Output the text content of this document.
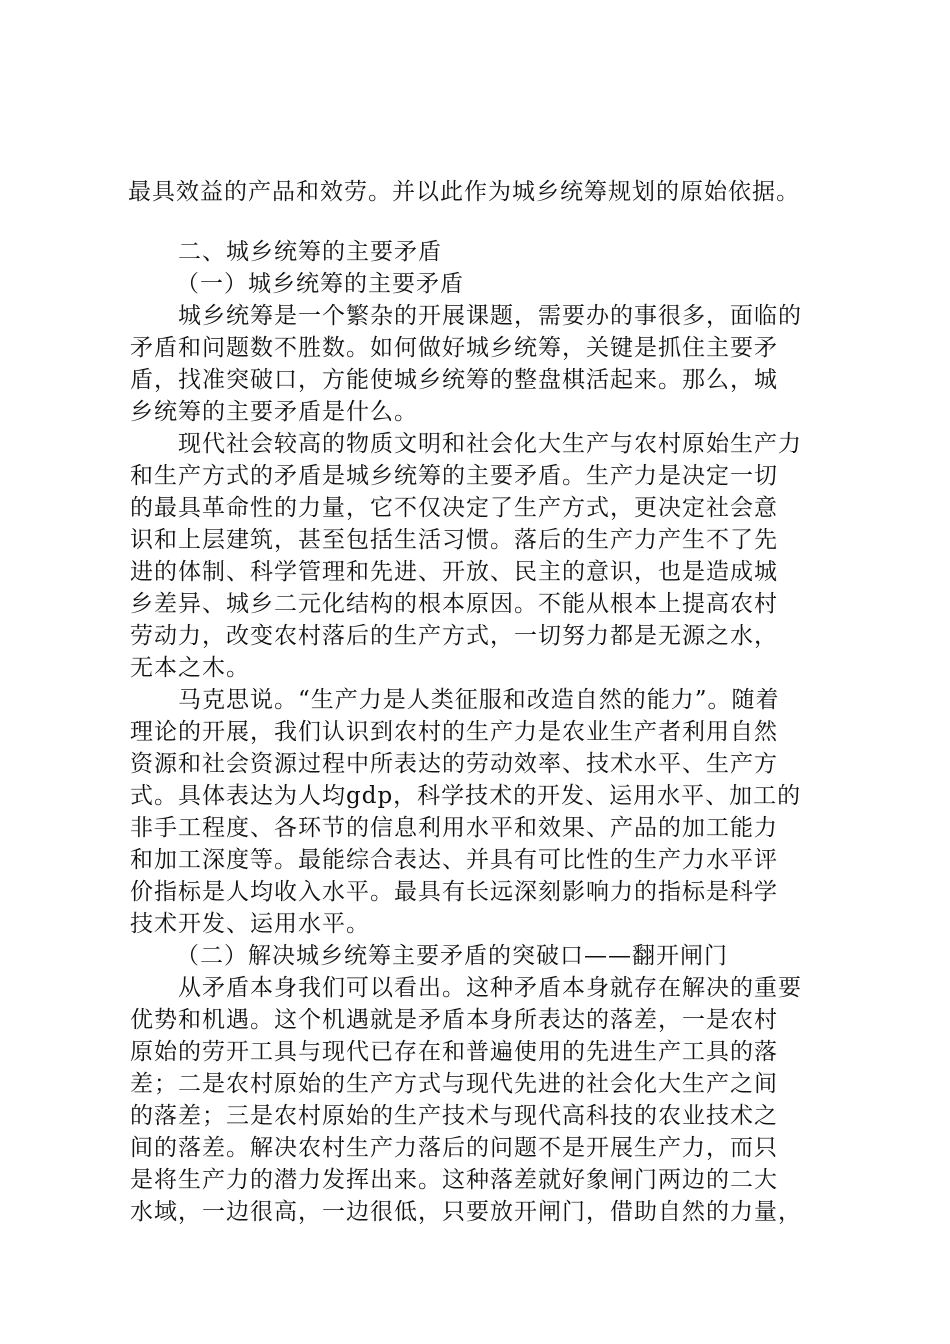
最具效益的产品和效劳。并以此作为城乡统筹规划的原始依据。
二、城乡统筹的主要矛盾
（一）城乡统筹的主要矛盾
城乡统筹是一个繁杂的开展课题，需要办的事很多，面临的
矛盾和问题数不胜数。如何做好城乡统筹，关键是抓住主要矛
盾，找准突破口，方能使城乡统筹的整盘棋活起来。那么，城
乡统筹的主要矛盾是什么。
现代社会较高的物质文明和社会化大生产与农村原始生产力
和生产方式的矛盾是城乡统筹的主要矛盾。生产力是决定一切
的最具革命性的力量，它不仅决定了生产方式，更决定社会意
识和上层建筑，甚至包括生活习惯。落后的生产力产生不了先
进的体制、科学管理和先进、开放、民主的意识，也是造成城
乡差异、城乡二元化结构的根本原因。不能从根本上提高农村
劳动力，改变农村落后的生产方式，一切努力都是无源之水，
无本之木。
马克思说。“生产力是人类征服和改造自然的能力”。随着
理论的开展，我们认识到农村的生产力是农业生产者利用自然
资源和社会资源过程中所表达的劳动效率、技术水平、生产方
式。具体表达为人均gdp，科学技术的开发、运用水平、加工的
非手工程度、各环节的信息利用水平和效果、产品的加工能力
和加工深度等。最能综合表达、并具有可比性的生产力水平评
价指标是人均收入水平。最具有长远深刻影响力的指标是科学
技术开发、运用水平。
（二）解决城乡统筹主要矛盾的突破口——翻开闸门
从矛盾本身我们可以看出。这种矛盾本身就存在解决的重要
优势和机遇。这个机遇就是矛盾本身所表达的落差，一是农村
原始的劳开工具与现代已存在和普遍使用的先进生产工具的落
差；二是农村原始的生产方式与现代先进的社会化大生产之间
的落差；三是农村原始的生产技术与现代高科技的农业技术之
间的落差。解决农村生产力落后的问题不是开展生产力，而只
是将生产力的潜力发挥出来。这种落差就好象闸门两边的二大
水域，一边很高，一边很低，只要放开闸门，借助自然的力量，
